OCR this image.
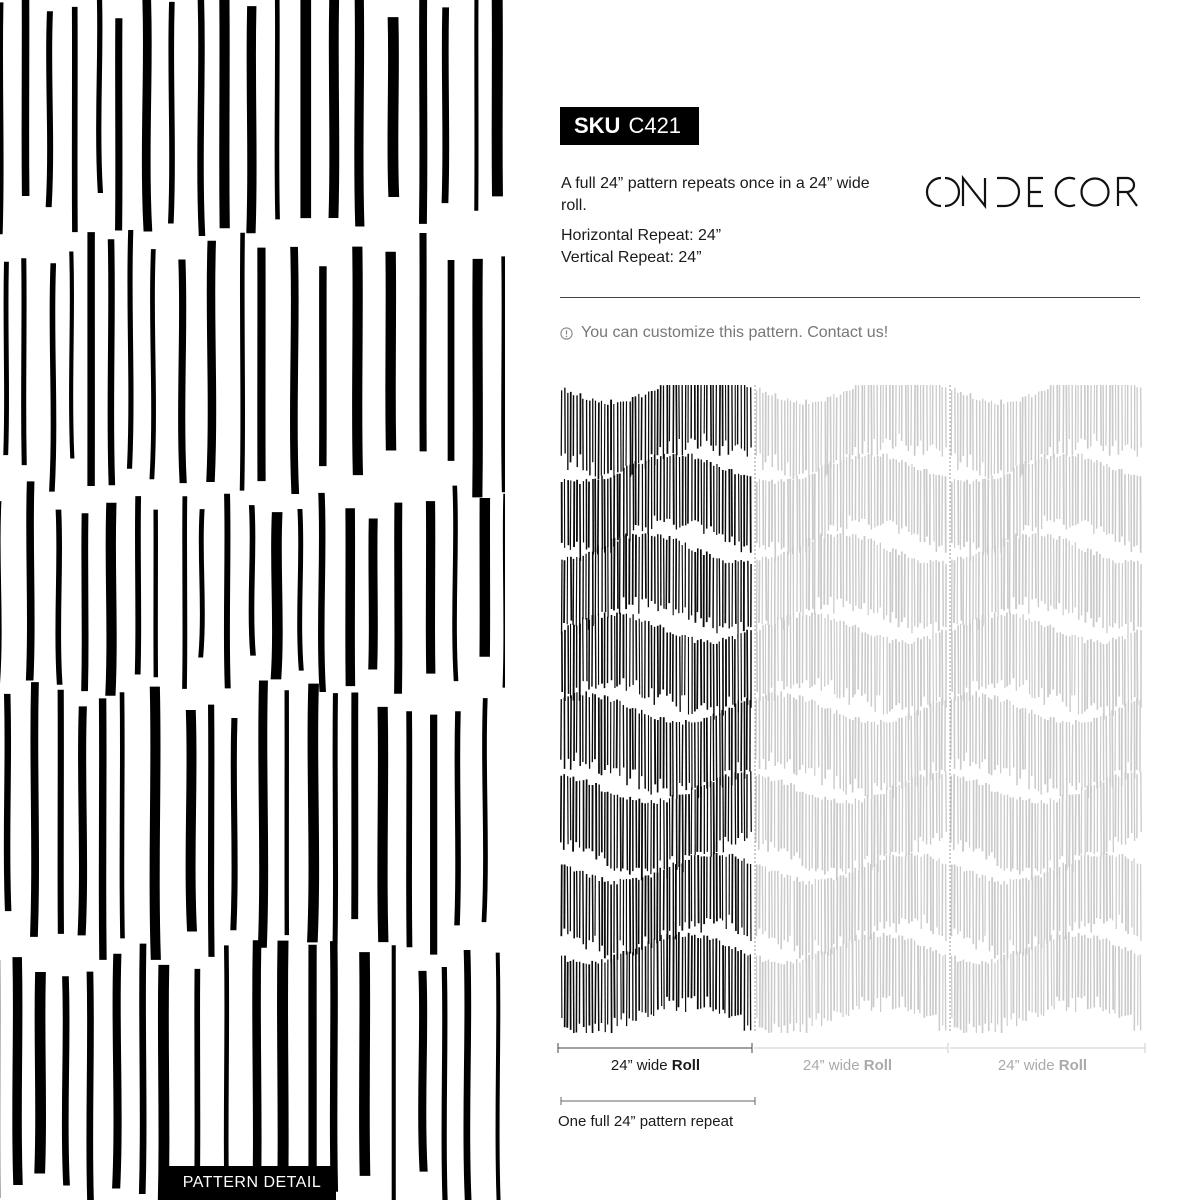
PATTERN DETAIL
SKU C421
A full 24” pattern repeats once in a 24” wide roll.
Horizontal Repeat: 24”
Vertical Repeat: 24”
You can customize this pattern. Contact us!
24” wide Roll	24” wide Roll	24” wide Roll
One full 24” pattern repeat
